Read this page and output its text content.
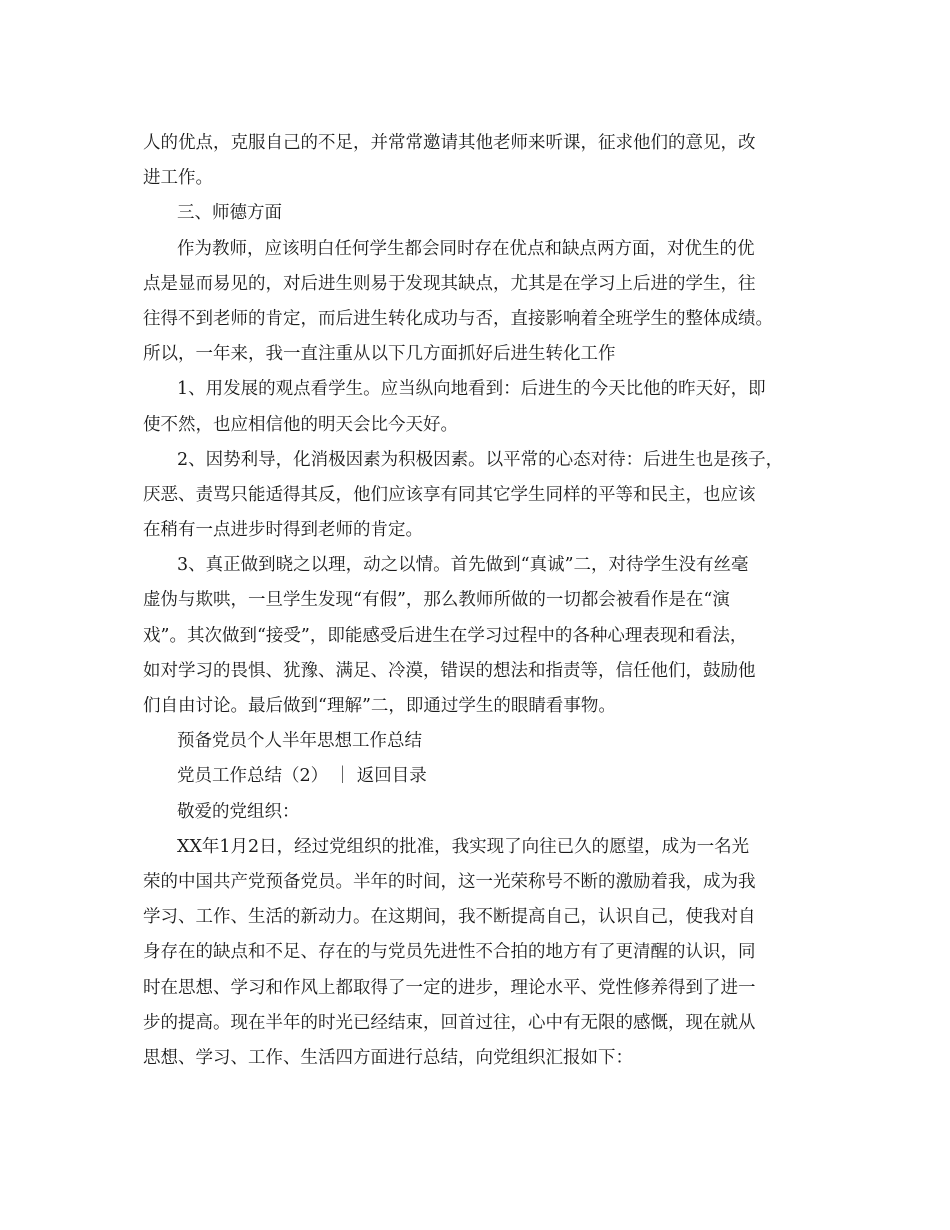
人的优点，克服自己的不足，并常常邀请其他老师来听课，征求他们的意见，改
进工作。
三、师德方面
作为教师，应该明白任何学生都会同时存在优点和缺点两方面，对优生的优
点是显而易见的，对后进生则易于发现其缺点，尤其是在学习上后进的学生，往
往得不到老师的肯定，而后进生转化成功与否，直接影响着全班学生的整体成绩。
所以，一年来，我一直注重从以下几方面抓好后进生转化工作
1、用发展的观点看学生。应当纵向地看到：后进生的今天比他的昨天好，即
使不然，也应相信他的明天会比今天好。
2、因势利导，化消极因素为积极因素。以平常的心态对待：后进生也是孩子，
厌恶、责骂只能适得其反，他们应该享有同其它学生同样的平等和民主，也应该
在稍有一点进步时得到老师的肯定。
3、真正做到晓之以理，动之以情。首先做到“真诚”二，对待学生没有丝毫
虚伪与欺哄，一旦学生发现“有假”，那么教师所做的一切都会被看作是在“演
戏”。其次做到“接受”，即能感受后进生在学习过程中的各种心理表现和看法，
如对学习的畏惧、犹豫、满足、冷漠，错误的想法和指责等，信任他们，鼓励他
们自由讨论。最后做到“理解”二，即通过学生的眼睛看事物。
预备党员个人半年思想工作总结
党员工作总结（2） ｜ 返回目录
敬爱的党组织：
XX年1月2日，经过党组织的批准，我实现了向往已久的愿望，成为一名光
荣的中国共产党预备党员。半年的时间，这一光荣称号不断的激励着我，成为我
学习、工作、生活的新动力。在这期间，我不断提高自己，认识自己，使我对自
身存在的缺点和不足、存在的与党员先进性不合拍的地方有了更清醒的认识，同
时在思想、学习和作风上都取得了一定的进步，理论水平、党性修养得到了进一
步的提高。现在半年的时光已经结束，回首过往，心中有无限的感慨，现在就从
思想、学习、工作、生活四方面进行总结，向党组织汇报如下：
